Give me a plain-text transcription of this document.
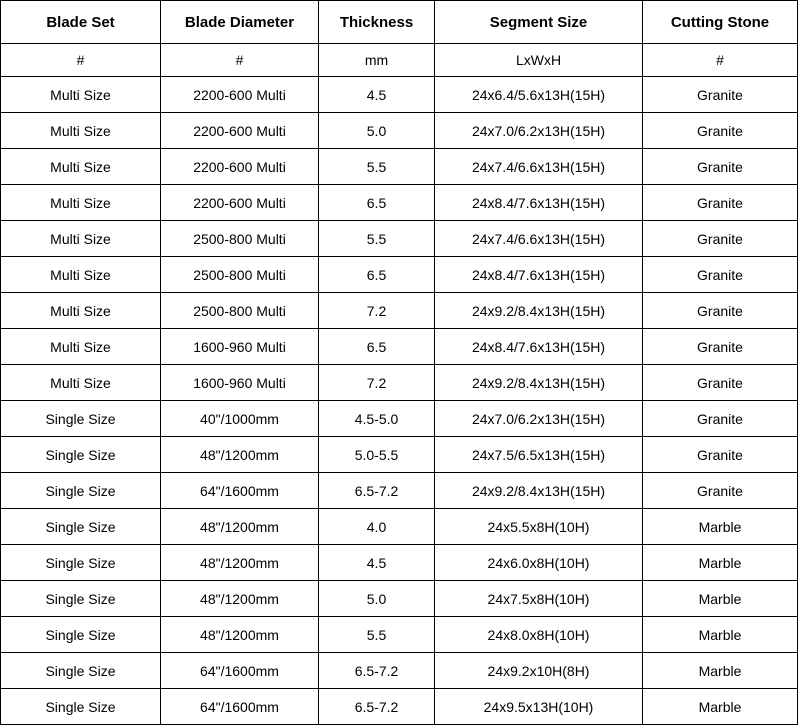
Blade Set	Blade Diameter	Thickness	Segment Size	Cutting Stone
#	#	mm	LxWxH	#
Multi Size	2200-600 Multi	4.5	24x6.4/5.6x13H(15H)	Granite
Multi Size	2200-600 Multi	5.0	24x7.0/6.2x13H(15H)	Granite
Multi Size	2200-600 Multi	5.5	24x7.4/6.6x13H(15H)	Granite
Multi Size	2200-600 Multi	6.5	24x8.4/7.6x13H(15H)	Granite
Multi Size	2500-800 Multi	5.5	24x7.4/6.6x13H(15H)	Granite
Multi Size	2500-800 Multi	6.5	24x8.4/7.6x13H(15H)	Granite
Multi Size	2500-800 Multi	7.2	24x9.2/8.4x13H(15H)	Granite
Multi Size	1600-960 Multi	6.5	24x8.4/7.6x13H(15H)	Granite
Multi Size	1600-960 Multi	7.2	24x9.2/8.4x13H(15H)	Granite
Single Size	40"/1000mm	4.5-5.0	24x7.0/6.2x13H(15H)	Granite
Single Size	48"/1200mm	5.0-5.5	24x7.5/6.5x13H(15H)	Granite
Single Size	64"/1600mm	6.5-7.2	24x9.2/8.4x13H(15H)	Granite
Single Size	48"/1200mm	4.0	24x5.5x8H(10H)	Marble
Single Size	48"/1200mm	4.5	24x6.0x8H(10H)	Marble
Single Size	48"/1200mm	5.0	24x7.5x8H(10H)	Marble
Single Size	48"/1200mm	5.5	24x8.0x8H(10H)	Marble
Single Size	64"/1600mm	6.5-7.2	24x9.2x10H(8H)	Marble
Single Size	64"/1600mm	6.5-7.2	24x9.5x13H(10H)	Marble
